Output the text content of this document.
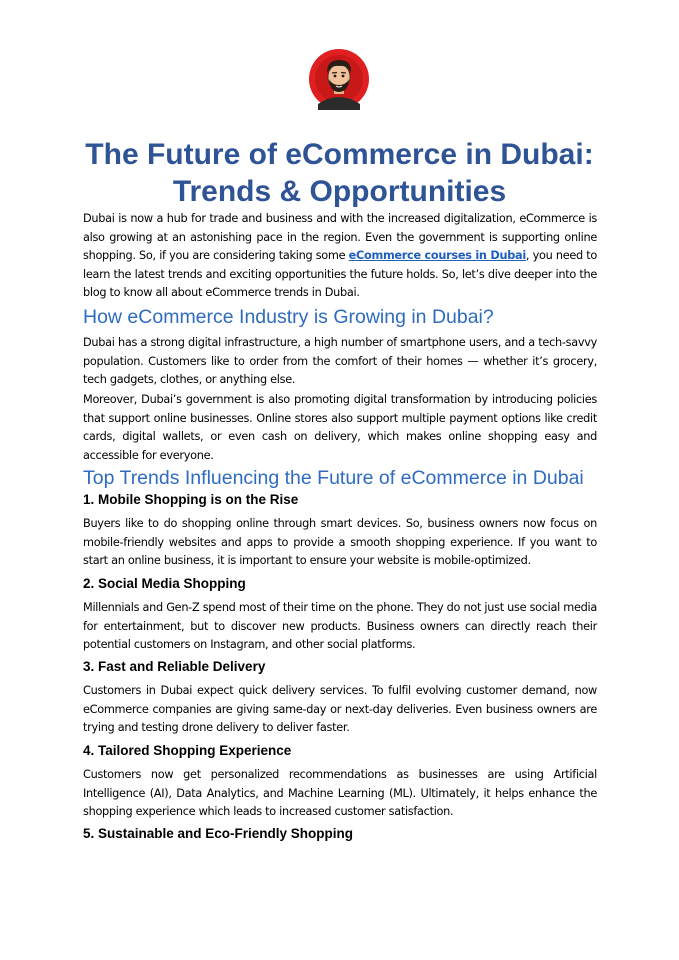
The Future of eCommerce in Dubai:
Trends & Opportunities

Dubai is now a hub for trade and business and with the increased digitalization, eCommerce is also growing at an astonishing pace in the region. Even the government is supporting online shopping. So, if you are considering taking some eCommerce courses in Dubai, you need to learn the latest trends and exciting opportunities the future holds. So, let’s dive deeper into the blog to know all about eCommerce trends in Dubai.

How eCommerce Industry is Growing in Dubai?

Dubai has a strong digital infrastructure, a high number of smartphone users, and a tech-savvy population. Customers like to order from the comfort of their homes — whether it’s grocery, tech gadgets, clothes, or anything else.

Moreover, Dubai’s government is also promoting digital transformation by introducing policies that support online businesses. Online stores also support multiple payment options like credit cards, digital wallets, or even cash on delivery, which makes online shopping easy and accessible for everyone.

Top Trends Influencing the Future of eCommerce in Dubai
1. Mobile Shopping is on the Rise

Buyers like to do shopping online through smart devices. So, business owners now focus on mobile-friendly websites and apps to provide a smooth shopping experience. If you want to start an online business, it is important to ensure your website is mobile-optimized.

2. Social Media Shopping

Millennials and Gen-Z spend most of their time on the phone. They do not just use social media for entertainment, but to discover new products. Business owners can directly reach their potential customers on Instagram, and other social platforms.

3. Fast and Reliable Delivery

Customers in Dubai expect quick delivery services. To fulfil evolving customer demand, now eCommerce companies are giving same-day or next-day deliveries. Even business owners are trying and testing drone delivery to deliver faster.

4. Tailored Shopping Experience

Customers now get personalized recommendations as businesses are using Artificial Intelligence (AI), Data Analytics, and Machine Learning (ML). Ultimately, it helps enhance the shopping experience which leads to increased customer satisfaction.

5. Sustainable and Eco-Friendly Shopping
